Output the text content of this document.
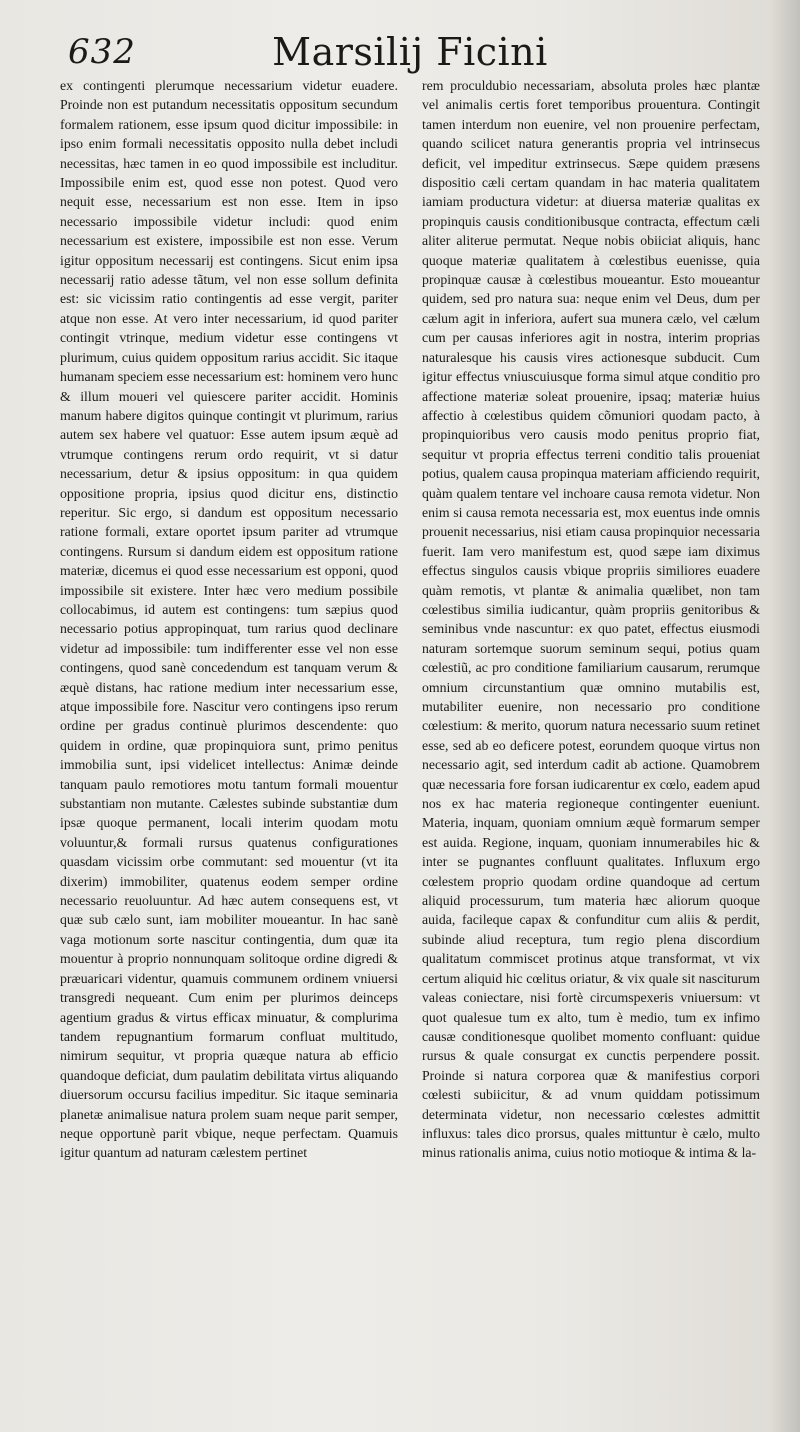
632	Marsilij Ficini

ex contingenti plerumque necessarium videtur euadere. Proinde non est putandum necessitatis oppositum secundum formalem rationem, esse ipsum quod dicitur impossibile: in ipso enim formali necessitatis opposito nulla debet includi necessitas, hæc tamen in eo quod impossibile est includitur. Impossibile enim est, quod esse non potest. Quod vero nequit esse, necessarium est non esse. Item in ipso necessario impossibile videtur includi: quod enim necessarium est existere, impossibile est non esse. Verum igitur oppositum necessarij est contingens. Sicut enim ipsa necessarij ratio adesse tãtum, vel non esse sollum definita est: sic vicissim ratio contingentis ad esse vergit, pariter atque non esse. At vero inter necessarium, id quod pariter contingit vtrinque, medium videtur esse contingens vt plurimum, cuius quidem oppositum rarius accidit. Sic itaque humanam speciem esse necessarium est: hominem vero hunc & illum moueri vel quiescere pariter accidit. Hominis manum habere digitos quinque contingit vt plurimum, rarius autem sex habere vel quatuor: Esse autem ipsum æquè ad vtrumque contingens rerum ordo requirit, vt si datur necessarium, detur & ipsius oppositum: in qua quidem oppositione propria, ipsius quod dicitur ens, distinctio reperitur. Sic ergo, si dandum est oppositum necessario ratione formali, extare oportet ipsum pariter ad vtrumque contingens. Rursum si dandum eidem est oppositum ratione materiæ, dicemus ei quod esse necessarium est opponi, quod impossibile sit existere. Inter hæc vero medium possibile collocabimus, id autem est contingens: tum sæpius quod necessario potius appropinquat, tum rarius quod declinare videtur ad impossibile: tum indifferenter esse vel non esse contingens, quod sanè concedendum est tanquam verum & æquè distans, hac ratione medium inter necessarium esse, atque impossibile fore. Nascitur vero contingens ipso rerum ordine per gradus continuè plurimos descendente: quo quidem in ordine, quæ propinquiora sunt, primo penitus immobilia sunt, ipsi videlicet intellectus: Animæ deinde tanquam paulo remotiores motu tantum formali mouentur substantiam non mutante. Cælestes subinde substantiæ dum ipsæ quoque permanent, locali interim quodam motu voluuntur,& formali rursus quatenus configurationes quasdam vicissim orbe commutant: sed mouentur (vt ita dixerim) immobiliter, quatenus eodem semper ordine necessario reuoluuntur. Ad hæc autem consequens est, vt quæ sub cælo sunt, iam mobiliter moueantur. In hac sanè vaga motionum sorte nascitur contingentia, dum quæ ita mouentur à proprio nonnunquam solitoque ordine digredi & præuaricari videntur, quamuis communem ordinem vniuersi transgredi nequeant. Cum enim per plurimos deinceps agentium gradus & virtus efficax minuatur, & complurima tandem repugnantium formarum confluat multitudo, nimirum sequitur, vt propria quæque natura ab efficio quandoque deficiat, dum paulatim debilitata virtus aliquando diuersorum occursu facilius impeditur. Sic itaque seminaria planetæ animalisue natura prolem suam neque parit semper, neque opportunè parit vbique, neque perfectam. Quamuis igitur quantum ad naturam cælestem pertinet

rem proculdubio necessariam, absoluta proles hæc plantæ vel animalis certis foret temporibus prouentura. Contingit tamen interdum non euenire, vel non prouenire perfectam, quando scilicet natura generantis propria vel intrinsecus deficit, vel impeditur extrinsecus. Sæpe quidem præsens dispositio cæli certam quandam in hac materia qualitatem iamiam productura videtur: at diuersa materiæ qualitas ex propinquis causis conditionibusque contracta, effectum cæli aliter aliterue permutat. Neque nobis obiiciat aliquis, hanc quoque materiæ qualitatem à cœlestibus euenisse, quia propinquæ causæ à cœlestibus moueantur. Esto moueantur quidem, sed pro natura sua: neque enim vel Deus, dum per cælum agit in inferiora, aufert sua munera cælo, vel cælum cum per causas inferiores agit in nostra, interim proprias naturalesque his causis vires actionesque subducit. Cum igitur effectus vniuscuiusque forma simul atque conditio pro affectione materiæ soleat prouenire, ipsaq; materiæ huius affectio à cœlestibus quidem cõmuniori quodam pacto, à propinquioribus vero causis modo penitus proprio fiat, sequitur vt propria effectus terreni conditio talis proueniat potius, qualem causa propinqua materiam afficiendo requirit, quàm qualem tentare vel inchoare causa remota videtur. Non enim si causa remota necessaria est, mox euentus inde omnis prouenit necessarius, nisi etiam causa propinquior necessaria fuerit. Iam vero manifestum est, quod sæpe iam diximus effectus singulos causis vbique propriis similiores euadere quàm remotis, vt plantæ & animalia quælibet, non tam cœlestibus similia iudicantur, quàm propriis genitoribus & seminibus vnde nascuntur: ex quo patet, effectus eiusmodi naturam sortemque suorum seminum sequi, potius quam cœlestiũ, ac pro conditione familiarium causarum, rerumque omnium circunstantium quæ omnino mutabilis est, mutabiliter euenire, non necessario pro conditione cœlestium: & merito, quorum natura necessario suum retinet esse, sed ab eo deficere potest, eorundem quoque virtus non necessario agit, sed interdum cadit ab actione. Quamobrem quæ necessaria fore forsan iudicarentur ex cœlo, eadem apud nos ex hac materia regioneque contingenter eueniunt. Materia, inquam, quoniam omnium æquè formarum semper est auida. Regione, inquam, quoniam innumerabiles hic & inter se pugnantes confluunt qualitates. Influxum ergo cœlestem proprio quodam ordine quandoque ad certum aliquid processurum, tum materia hæc aliorum quoque auida, facileque capax & confunditur cum aliis & perdit, subinde aliud receptura, tum regio plena discordium qualitatum commiscet protinus atque transformat, vt vix certum aliquid hic cœlitus oriatur, & vix quale sit nasciturum valeas coniectare, nisi fortè circumspexeris vniuersum: vt quot qualesue tum ex alto, tum è medio, tum ex infimo causæ conditionesque quolibet momento confluant: quidue rursus & quale consurgat ex cunctis perpendere possit. Proinde si natura corporea quæ & manifestius corpori cœlesti subiicitur, & ad vnum quiddam potissimum determinata videtur, non necessario cœlestes admittit influxus: tales dico prorsus, quales mittuntur è cælo, multo minus rationalis anima, cuius notio motioque & intima & la-
